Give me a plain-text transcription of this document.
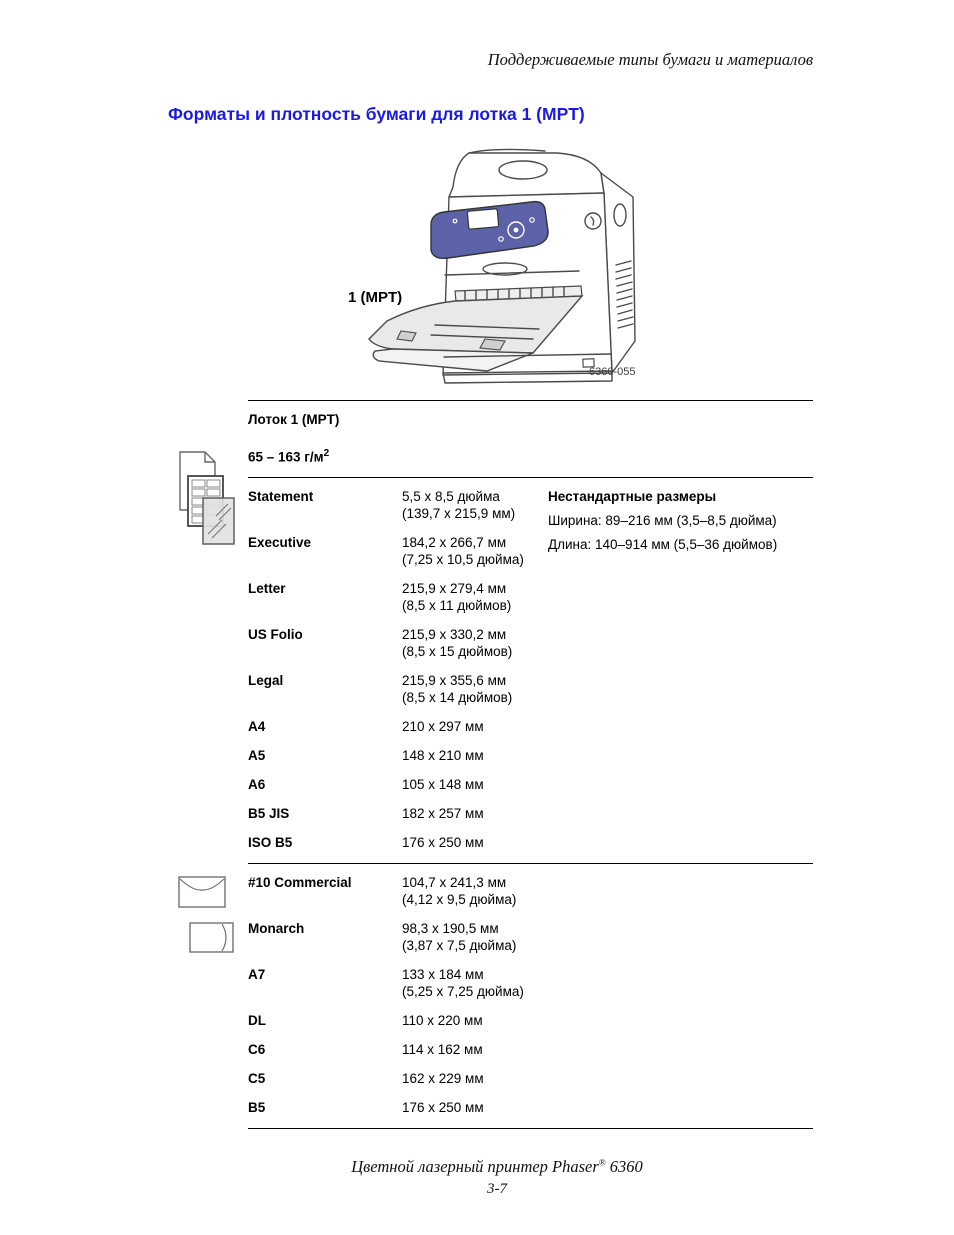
Поддерживаемые типы бумаги и материалов
Форматы и плотность бумаги для лотка 1 (MPT)
1 (MPT)
6360-055
Лоток 1 (MPT)
65 – 163 $г/м^2$
Нестандартные размеры
Ширина: 89–216 мм (3,5–8,5 дюйма)
Длина: 140–914 мм (5,5–36 дюймов)
Statement	5,5 x 8,5 дюйма
(139,7 x 215,9 мм)
Executive	184,2 x 266,7 мм
(7,25 x 10,5 дюйма)
Letter	215,9 x 279,4 мм
(8,5 x 11 дюймов)
US Folio	215,9 x 330,2 мм
(8,5 x 15 дюймов)
Legal	215,9 x 355,6 мм
(8,5 x 14 дюймов)
A4	210 x 297 мм
A5	148 x 210 мм
A6	105 x 148 мм
B5 JIS	182 x 257 мм
ISO B5	176 x 250 мм
#10 Commercial	104,7 x 241,3 мм
(4,12 x 9,5 дюйма)
Monarch	98,3 x 190,5 мм
(3,87 x 7,5 дюйма)
A7	133 x 184 мм
(5,25 x 7,25 дюйма)
DL	110 x 220 мм
C6	114 x 162 мм
C5	162 x 229 мм
B5	176 x 250 мм
Цветной лазерный принтер Phaser® 6360
3-7
